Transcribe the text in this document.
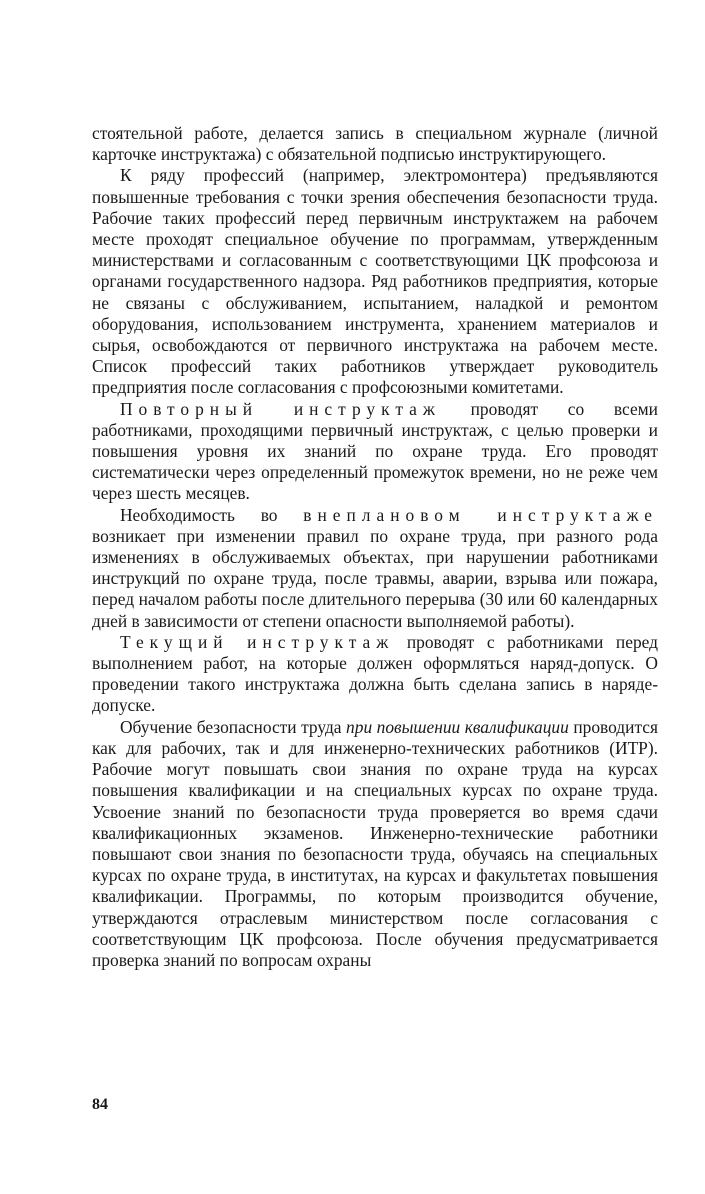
стоятельной работе, делается запись в специальном журнале (личной карточке инструктажа) с обязательной подписью инструктирующего.

К ряду профессий (например, электромонтера) предъявляются повышенные требования с точки зрения обеспечения безопасности труда. Рабочие таких профессий перед первичным инструктажем на рабочем месте проходят специальное обучение по программам, утвержденным министерствами и согласованным с соответствующими ЦК профсоюза и органами государственного надзора. Ряд работников предприятия, которые не связаны с обслуживанием, испытанием, наладкой и ремонтом оборудования, использованием инструмента, хранением материалов и сырья, освобождаются от первичного инструктажа на рабочем месте. Список профессий таких работников утверждает руководитель предприятия после согласования с профсоюзными комитетами.

Повторный инструктаж проводят со всеми работниками, проходящими первичный инструктаж, с целью проверки и повышения уровня их знаний по охране труда. Его проводят систематически через определенный промежуток времени, но не реже чем через шесть месяцев.

Необходимость во внеплановом инструктаже возникает при изменении правил по охране труда, при разного рода изменениях в обслуживаемых объектах, при нарушении работниками инструкций по охране труда, после травмы, аварии, взрыва или пожара, перед началом работы после длительного перерыва (30 или 60 календарных дней в зависимости от степени опасности выполняемой работы).

Текущий инструктаж проводят с работниками перед выполнением работ, на которые должен оформляться наряд-допуск. О проведении такого инструктажа должна быть сделана запись в наряде-допуске.

Обучение безопасности труда при повышении квалификации проводится как для рабочих, так и для инженерно-технических работников (ИТР). Рабочие могут повышать свои знания по охране труда на курсах повышения квалификации и на специальных курсах по охране труда. Усвоение знаний по безопасности труда проверяется во время сдачи квалификационных экзаменов. Инженерно-технические работники повышают свои знания по безопасности труда, обучаясь на специальных курсах по охране труда, в институтах, на курсах и факультетах повышения квалификации. Программы, по которым производится обучение, утверждаются отраслевым министерством после согласования с соответствующим ЦК профсоюза. После обучения предусматривается проверка знаний по вопросам охраны

84
